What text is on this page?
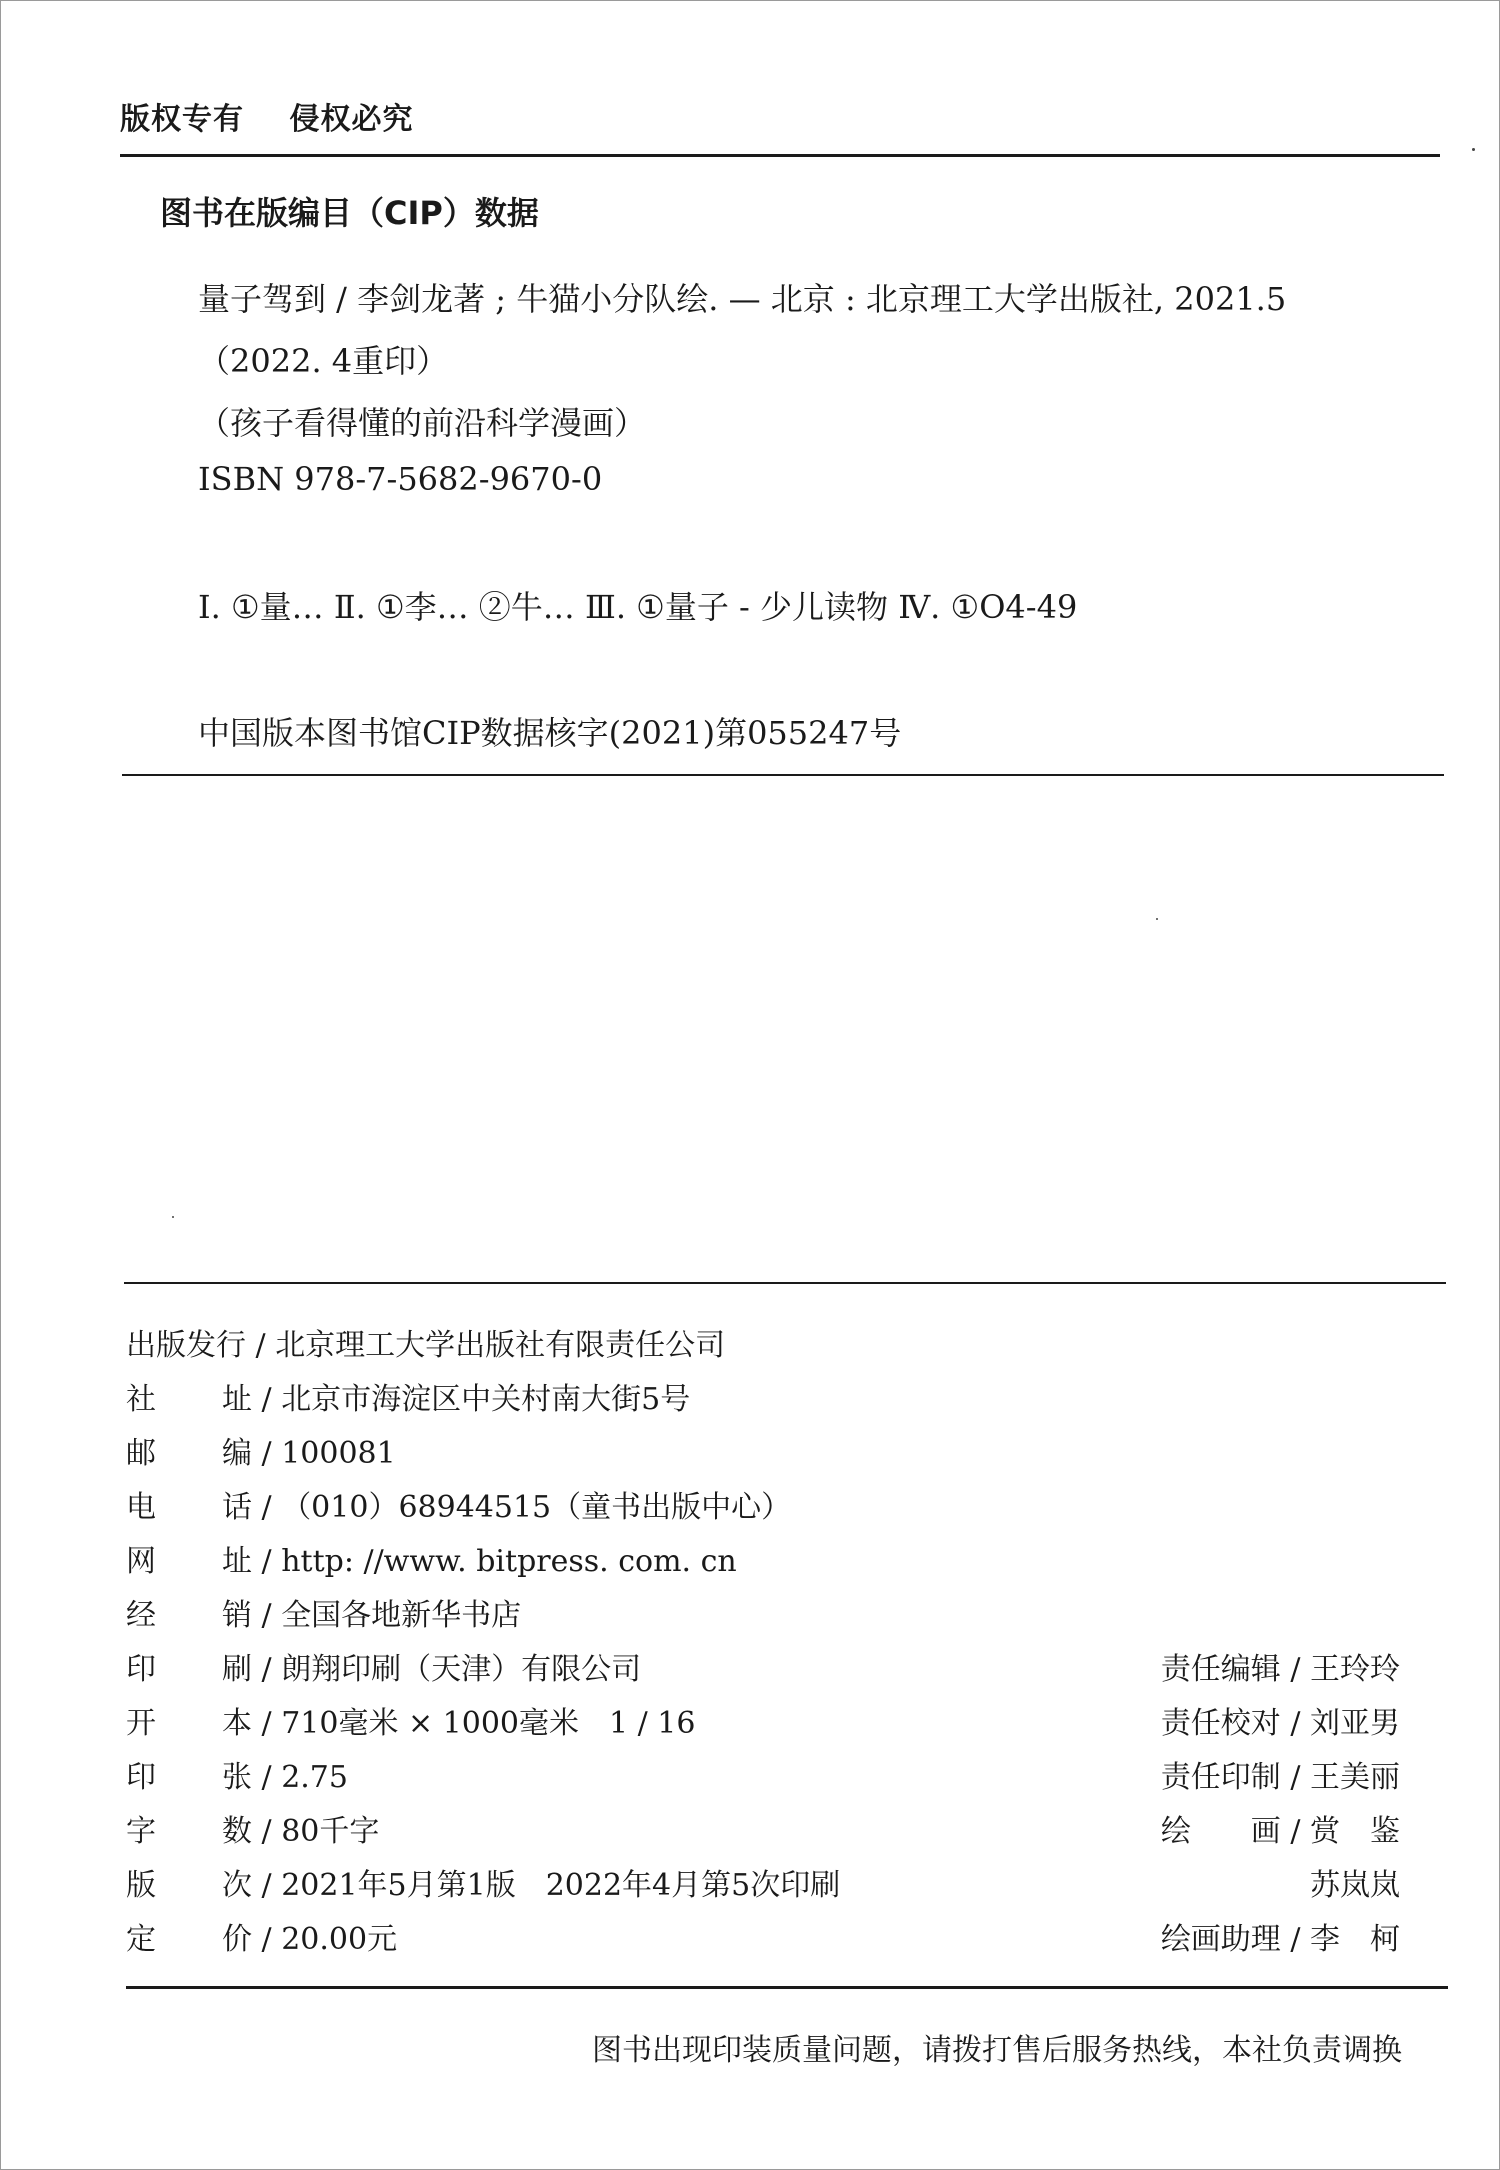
版权专有 侵权必究
图书在版编目（CIP）数据
量子驾到 / 李剑龙著 ; 牛猫小分队绘. — 北京 : 北京理工大学出版社, 2021.5
（2022. 4重印）
（孩子看得懂的前沿科学漫画）
ISBN 978-7-5682-9670-0
Ⅰ. ①量… Ⅱ. ①李… ②牛… Ⅲ. ①量子 - 少儿读物 Ⅳ. ①O4-49
中国版本图书馆CIP数据核字(2021)第055247号
出版发行 / 北京理工大学出版社有限责任公司
社 址 / 北京市海淀区中关村南大街5号
邮 编 / 100081
电 话 / （010）68944515（童书出版中心）
网 址 / http: //www. bitpress. com. cn
经 销 / 全国各地新华书店
印 刷 / 朗翔印刷（天津）有限公司
开 本 / 710毫米 × 1000毫米　1 / 16
印 张 / 2.75
字 数 / 80千字
版 次 / 2021年5月第1版　2022年4月第5次印刷
定 价 / 20.00元
责任编辑 / 王玲玲
责任校对 / 刘亚男
责任印制 / 王美丽
绘　　画 / 赏　鉴
苏岚岚
绘画助理 / 李　柯
图书出现印装质量问题，请拨打售后服务热线，本社负责调换
